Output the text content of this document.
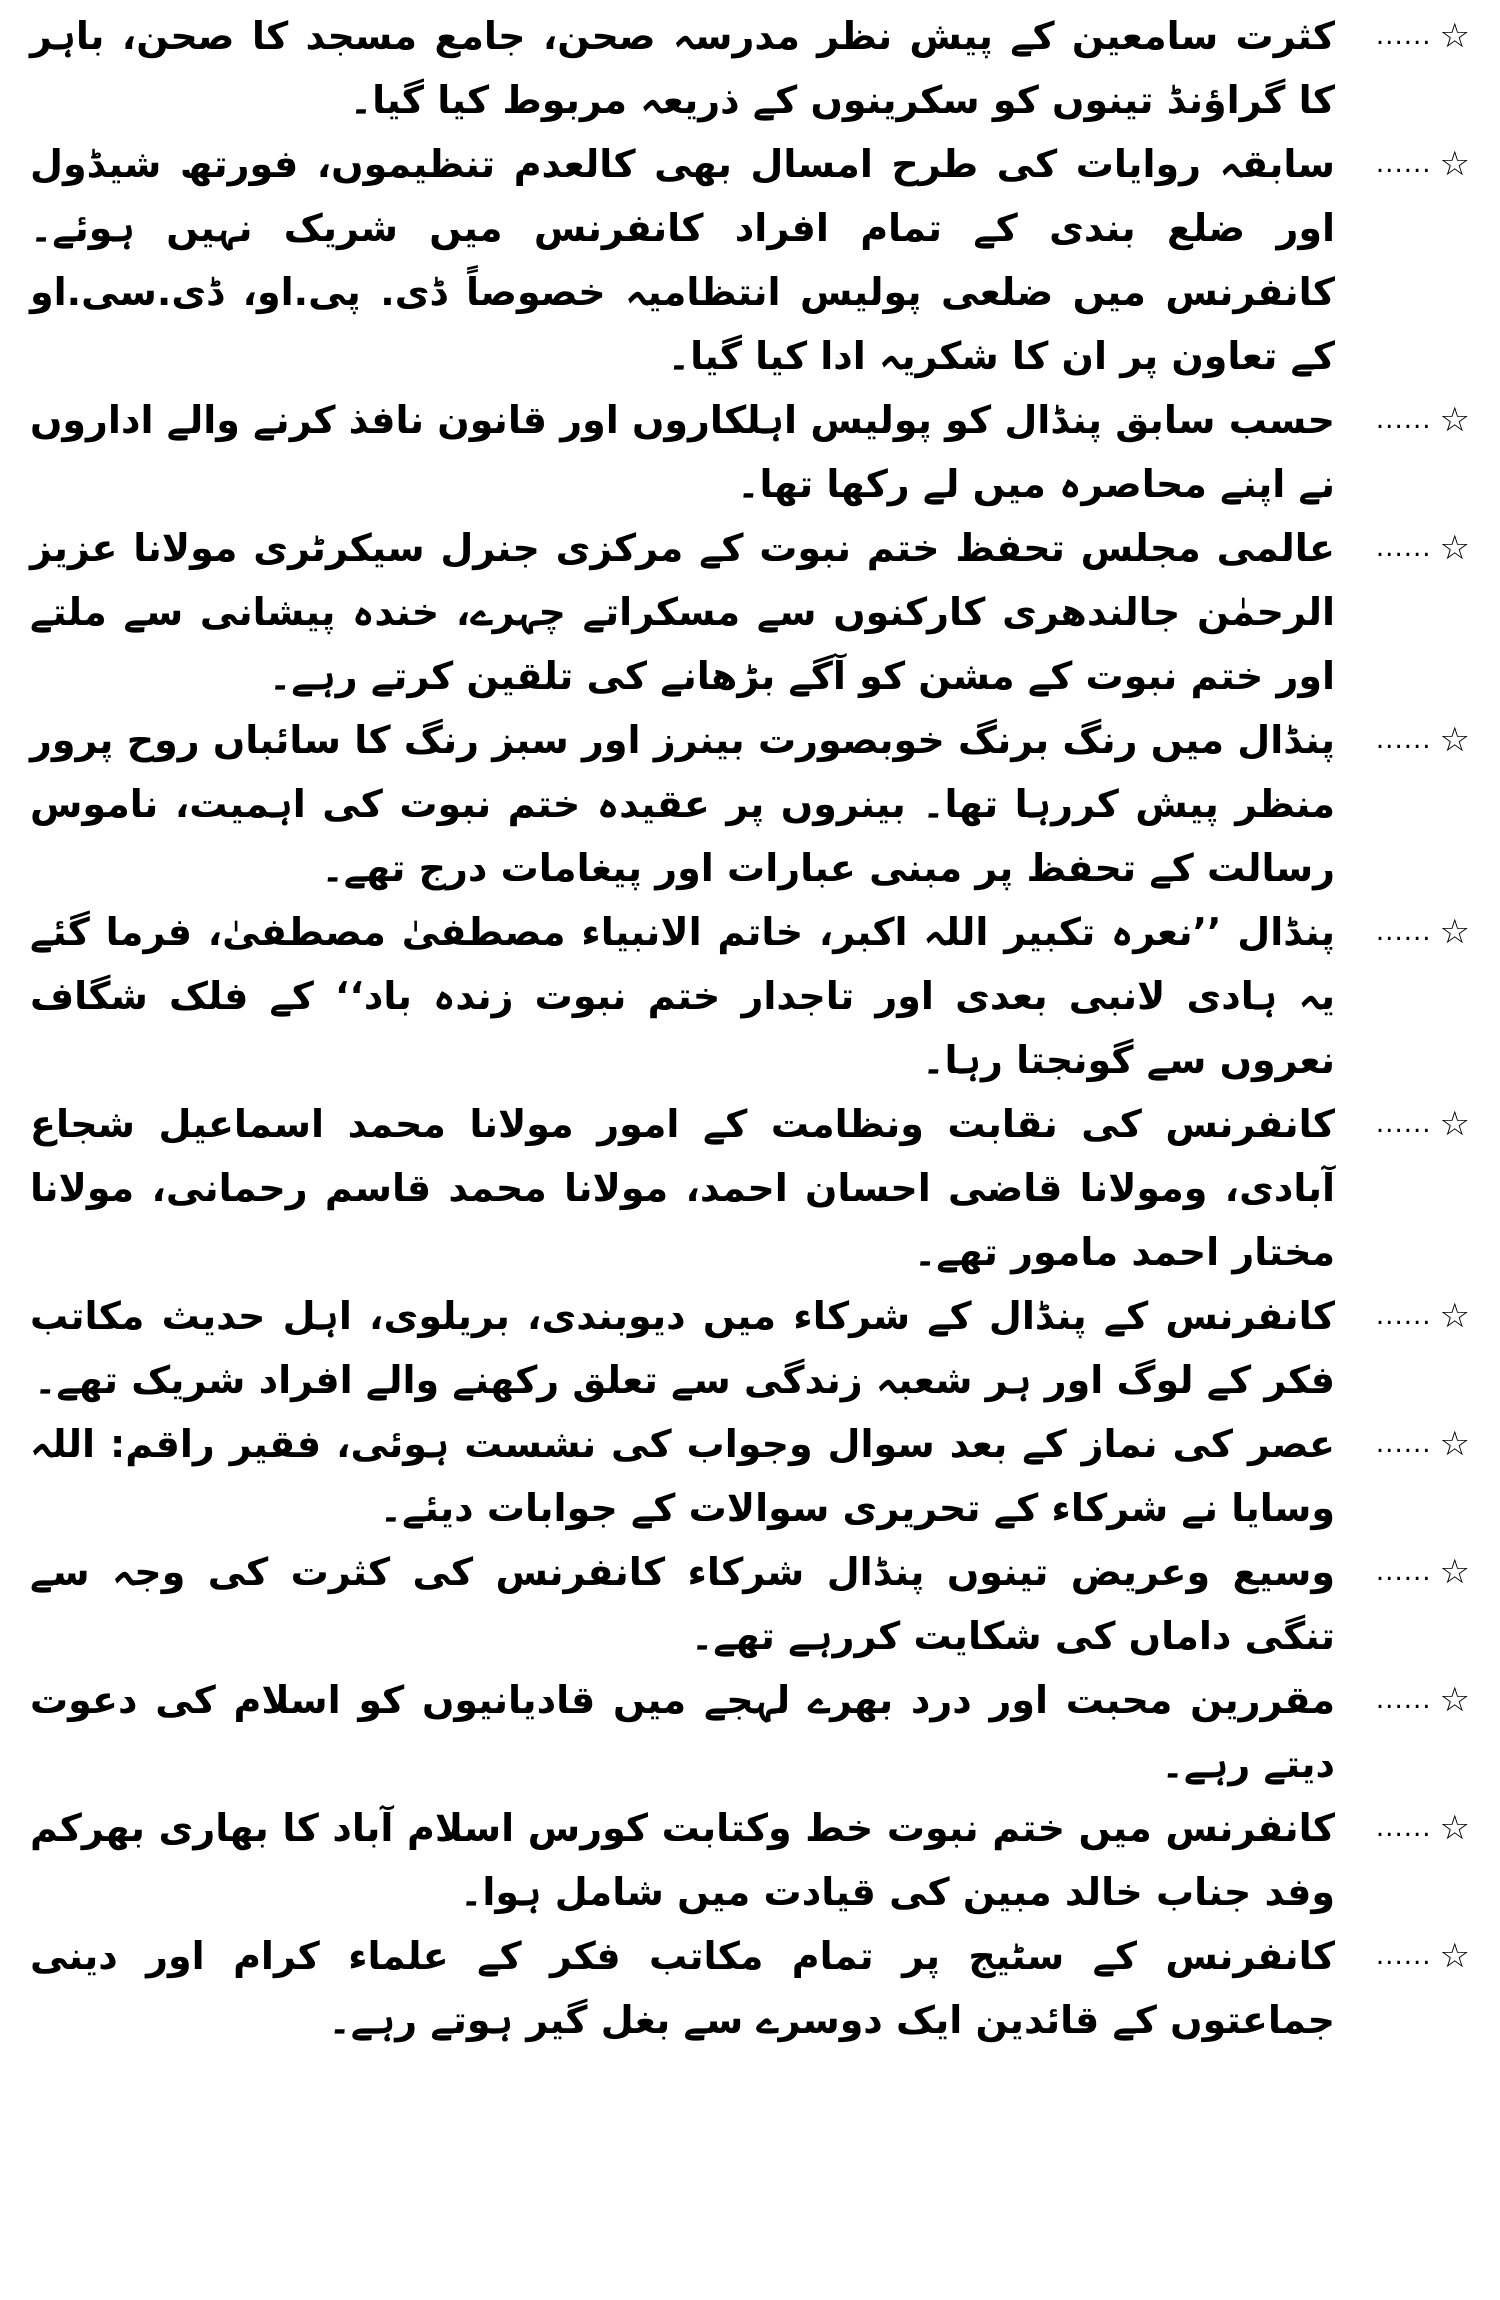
...... ☆

کثرت سامعین کے پیش نظر مدرسہ صحن، جامع مسجد کا صحن، باہر کا گراؤنڈ تینوں کو سکرینوں کے ذریعہ مربوط کیا گیا۔

...... ☆

سابقہ روایات کی طرح امسال بھی کالعدم تنظیموں، فورتھ شیڈول اور ضلع بندی کے تمام افراد کانفرنس میں شریک نہیں ہوئے۔ کانفرنس میں ضلعی پولیس انتظامیہ خصوصاً ڈی. پی.او، ڈی.سی.او کے تعاون پر ان کا شکریہ ادا کیا گیا۔

...... ☆

حسب سابق پنڈال کو پولیس اہلکاروں اور قانون نافذ کرنے والے اداروں نے اپنے محاصرہ میں لے رکھا تھا۔

...... ☆

عالمی مجلس تحفظ ختم نبوت کے مرکزی جنرل سیکرٹری مولانا عزیز الرحمٰن جالندھری کارکنوں سے مسکراتے چہرے، خندہ پیشانی سے ملتے اور ختم نبوت کے مشن کو آگے بڑھانے کی تلقین کرتے رہے۔

...... ☆

پنڈال میں رنگ برنگ خوبصورت بینرز اور سبز رنگ کا سائباں روح پرور منظر پیش کررہا تھا۔ بینروں پر عقیدہ ختم نبوت کی اہمیت، ناموس رسالت کے تحفظ پر مبنی عبارات اور پیغامات درج تھے۔

...... ☆

پنڈال ’’نعرہ تکبیر اللہ اکبر، خاتم الانبیاء مصطفیٰ مصطفیٰ، فرما گئے یہ ہادی لانبی بعدی اور تاجدار ختم نبوت زندہ باد‘‘ کے فلک شگاف نعروں سے گونجتا رہا۔

...... ☆

کانفرنس کی نقابت ونظامت کے امور مولانا محمد اسماعیل شجاع آبادی، ومولانا قاضی احسان احمد، مولانا محمد قاسم رحمانی، مولانا مختار احمد مامور تھے۔

...... ☆

کانفرنس کے پنڈال کے شرکاء میں دیوبندی، بریلوی، اہل حدیث مکاتب فکر کے لوگ اور ہر شعبہ زندگی سے تعلق رکھنے والے افراد شریک تھے۔

...... ☆

عصر کی نماز کے بعد سوال وجواب کی نشست ہوئی، فقیر راقم: اللہ وسایا نے شرکاء کے تحریری سوالات کے جوابات دیئے۔

...... ☆

وسیع وعریض تینوں پنڈال شرکاء کانفرنس کی کثرت کی وجہ سے تنگی داماں کی شکایت کررہے تھے۔

...... ☆

مقررین محبت اور درد بھرے لہجے میں قادیانیوں کو اسلام کی دعوت دیتے رہے۔

...... ☆

کانفرنس میں ختم نبوت خط وکتابت کورس اسلام آباد کا بھاری بھرکم وفد جناب خالد مبین کی قیادت میں شامل ہوا۔

...... ☆

کانفرنس کے سٹیج پر تمام مکاتب فکر کے علماء کرام اور دینی جماعتوں کے قائدین ایک دوسرے سے بغل گیر ہوتے رہے۔
